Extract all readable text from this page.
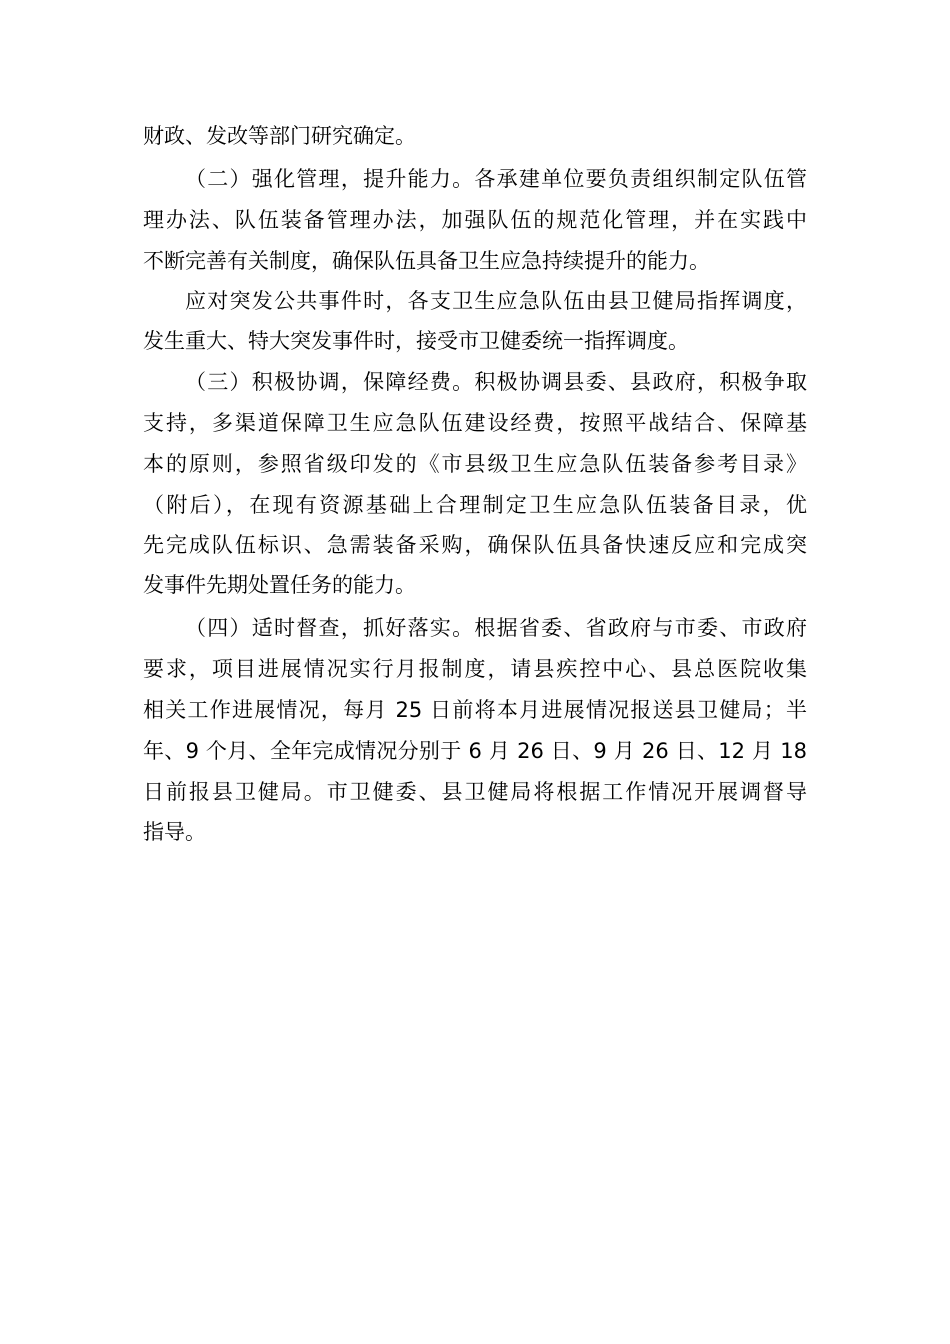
财政、发改等部门研究确定。
（二）强化管理，提升能力。各承建单位要负责组织制定队伍管
理办法、队伍装备管理办法，加强队伍的规范化管理，并在实践中
不断完善有关制度，确保队伍具备卫生应急持续提升的能力。
应对突发公共事件时，各支卫生应急队伍由县卫健局指挥调度，
发生重大、特大突发事件时，接受市卫健委统一指挥调度。
（三）积极协调，保障经费。积极协调县委、县政府，积极争取
支持，多渠道保障卫生应急队伍建设经费，按照平战结合、保障基
本的原则，参照省级印发的《市县级卫生应急队伍装备参考目录》
（附后），在现有资源基础上合理制定卫生应急队伍装备目录，优
先完成队伍标识、急需装备采购，确保队伍具备快速反应和完成突
发事件先期处置任务的能力。
（四）适时督查，抓好落实。根据省委、省政府与市委、市政府
要求，项目进展情况实行月报制度，请县疾控中心、县总医院收集
相关工作进展情况，每月 25 日前将本月进展情况报送县卫健局；半
年、9 个月、全年完成情况分别于 6 月 26 日、9 月 26 日、12 月 18
日前报县卫健局。市卫健委、县卫健局将根据工作情况开展调督导
指导。
